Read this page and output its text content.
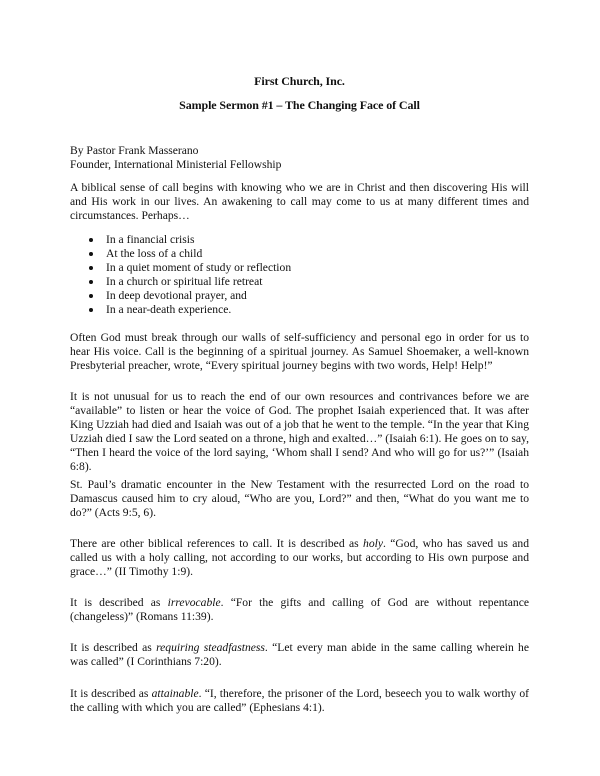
First Church, Inc.
Sample Sermon #1 – The Changing Face of Call
By Pastor Frank Masserano
Founder, International Ministerial Fellowship

A biblical sense of call begins with knowing who we are in Christ and then discovering His will and His work in our lives. An awakening to call may come to us at many different times and circumstances. Perhaps…

In a financial crisis
At the loss of a child
In a quiet moment of study or reflection
In a church or spiritual life retreat
In deep devotional prayer, and
In a near-death experience.

Often God must break through our walls of self-sufficiency and personal ego in order for us to hear His voice. Call is the beginning of a spiritual journey. As Samuel Shoemaker, a well-known Presbyterial preacher, wrote, “Every spiritual journey begins with two words, Help! Help!”

It is not unusual for us to reach the end of our own resources and contrivances before we are “available” to listen or hear the voice of God. The prophet Isaiah experienced that. It was after King Uzziah had died and Isaiah was out of a job that he went to the temple. “In the year that King Uzziah died I saw the Lord seated on a throne, high and exalted…” (Isaiah 6:1). He goes on to say, “Then I heard the voice of the lord saying, ‘Whom shall I send? And who will go for us?’” (Isaiah 6:8).

St. Paul’s dramatic encounter in the New Testament with the resurrected Lord on the road to Damascus caused him to cry aloud, “Who are you, Lord?” and then, “What do you want me to do?” (Acts 9:5, 6).

There are other biblical references to call. It is described as holy. “God, who has saved us and called us with a holy calling, not according to our works, but according to His own purpose and grace…” (II Timothy 1:9).

It is described as irrevocable. “For the gifts and calling of God are without repentance (changeless)” (Romans 11:39).

It is described as requiring steadfastness. “Let every man abide in the same calling wherein he was called” (I Corinthians 7:20).

It is described as attainable. “I, therefore, the prisoner of the Lord, beseech you to walk worthy of the calling with which you are called” (Ephesians 4:1).
